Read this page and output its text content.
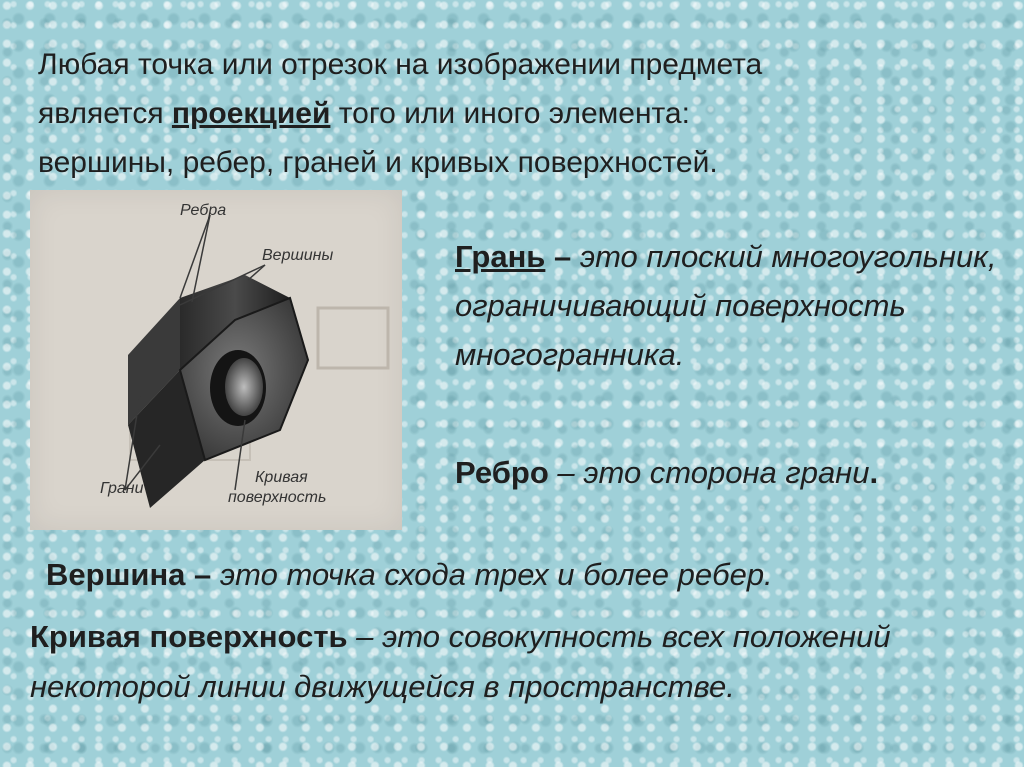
Любая точка или отрезок на изображении предмета
является проекцией того или иного элемента:
вершины, ребер, граней и кривых поверхностей.
Ребра
Вершины
Грани
Кривая
поверхность

Грань – это плоский многоугольник, ограничивающий поверхность многогранника.

Ребро – это сторона грани.

Вершина – это точка схода трех и более ребер.

Кривая поверхность – это совокупность всех положений некоторой линии движущейся в пространстве.
